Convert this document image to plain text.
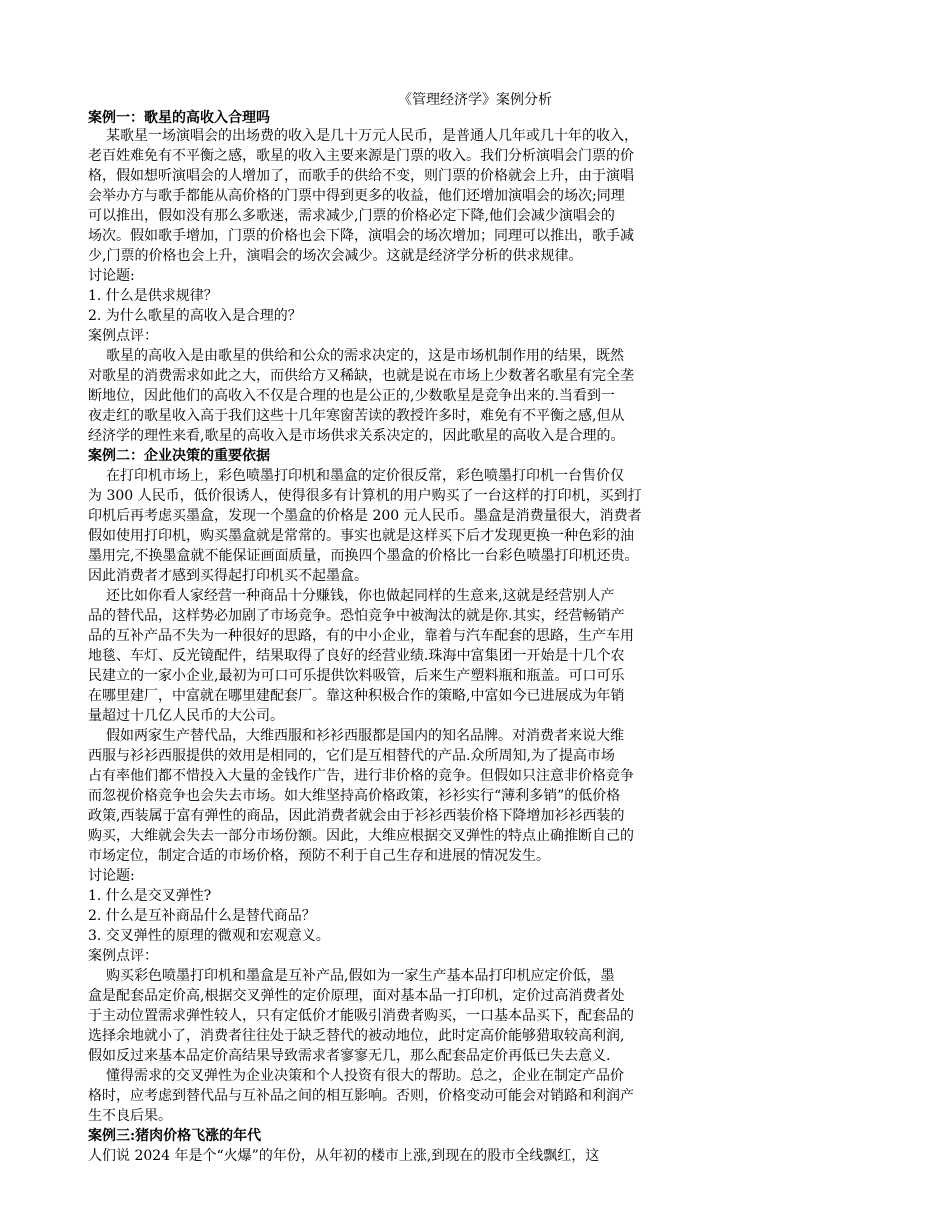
《管理经济学》案例分析
案例一：歌星的高收入合理吗
某歌星一场演唱会的出场费的收入是几十万元人民币，是普通人几年或几十年的收入，
老百姓难免有不平衡之感，歌星的收入主要来源是门票的收入。我们分析演唱会门票的价
格，假如想听演唱会的人增加了，而歌手的供给不变，则门票的价格就会上升，由于演唱
会举办方与歌手都能从高价格的门票中得到更多的收益，他们还增加演唱会的场次;同理
可以推出，假如没有那么多歌迷，需求减少,门票的价格必定下降,他们会减少演唱会的
场次。假如歌手增加，门票的价格也会下降，演唱会的场次增加；同理可以推出，歌手减
少,门票的价格也会上升，演唱会的场次会减少。这就是经济学分析的供求规律。
讨论题:
1. 什么是供求规律？
2. 为什么歌星的高收入是合理的？
案例点评：
歌星的高收入是由歌星的供给和公众的需求决定的，这是市场机制作用的结果，既然
对歌星的消费需求如此之大，而供给方又稀缺，也就是说在市场上少数著名歌星有完全垄
断地位，因此他们的高收入不仅是合理的也是公正的,少数歌星是竞争出来的.当看到一
夜走红的歌星收入高于我们这些十几年寒窗苦读的教授许多时，难免有不平衡之感,但从
经济学的理性来看,歌星的高收入是市场供求关系决定的，因此歌星的高收入是合理的。
案例二：企业决策的重要依据
在打印机市场上，彩色喷墨打印机和墨盒的定价很反常，彩色喷墨打印机一台售价仅
为 300 人民币，低价很诱人，使得很多有计算机的用户购买了一台这样的打印机，买到打
印机后再考虑买墨盒，发现一个墨盒的价格是 200 元人民币。墨盒是消费量很大，消费者
假如使用打印机，购买墨盒就是常常的。事实也就是这样买下后才发现更换一种色彩的油
墨用完,不换墨盒就不能保证画面质量，而换四个墨盒的价格比一台彩色喷墨打印机还贵。
因此消费者才感到买得起打印机买不起墨盒。
还比如你看人家经营一种商品十分赚钱，你也做起同样的生意来,这就是经营别人产
品的替代品，这样势必加剧了市场竞争。恐怕竞争中被淘汰的就是你.其实，经营畅销产
品的互补产品不失为一种很好的思路，有的中小企业，靠着与汽车配套的思路，生产车用
地毯、车灯、反光镜配件，结果取得了良好的经营业绩.珠海中富集团一开始是十几个农
民建立的一家小企业,最初为可口可乐提供饮料吸管，后来生产塑料瓶和瓶盖。可口可乐
在哪里建厂，中富就在哪里建配套厂。靠这种积极合作的策略,中富如今已进展成为年销
量超过十几亿人民币的大公司。
假如两家生产替代品，大维西服和衫衫西服都是国内的知名品牌。对消费者来说大维
西服与衫衫西服提供的效用是相同的，它们是互相替代的产品.众所周知,为了提高市场
占有率他们都不惜投入大量的金钱作广告，进行非价格的竞争。但假如只注意非价格竞争
而忽视价格竞争也会失去市场。如大维坚持高价格政策，衫衫实行“薄利多销”的低价格
政策,西装属于富有弹性的商品，因此消费者就会由于衫衫西装价格下降增加衫衫西装的
购买，大维就会失去一部分市场份额。因此，大维应根据交叉弹性的特点止确推断自己的
市场定位，制定合适的市场价格，预防不利于自己生存和进展的情况发生。
讨论题:
1. 什么是交叉弹性?
2. 什么是互补商品什么是替代商品？
3. 交叉弹性的原理的微观和宏观意义。
案例点评：
购买彩色喷墨打印机和墨盒是互补产品,假如为一家生产基本品打印机应定价低，墨
盒是配套品定价高,根据交叉弹性的定价原理，面对基本品一打印机，定价过高消费者处
于主动位置需求弹性较人，只有定低价才能吸引消费者购买，一口基本品买下，配套品的
选择余地就小了，消费者往往处于缺乏替代的被动地位，此时定高价能够猎取较高利润,
假如反过来基本品定价高结果导致需求者寥寥无几，那么配套品定价再低已失去意义.
懂得需求的交叉弹性为企业决策和个人投资有很大的帮助。总之，企业在制定产品价
格时，应考虑到替代品与互补品之间的相互影响。否则，价格变动可能会对销路和利润产
生不良后果。
案例三:猪肉价格飞涨的年代
人们说 2024 年是个“火爆”的年份，从年初的楼市上涨,到现在的股市全线飘红，这
